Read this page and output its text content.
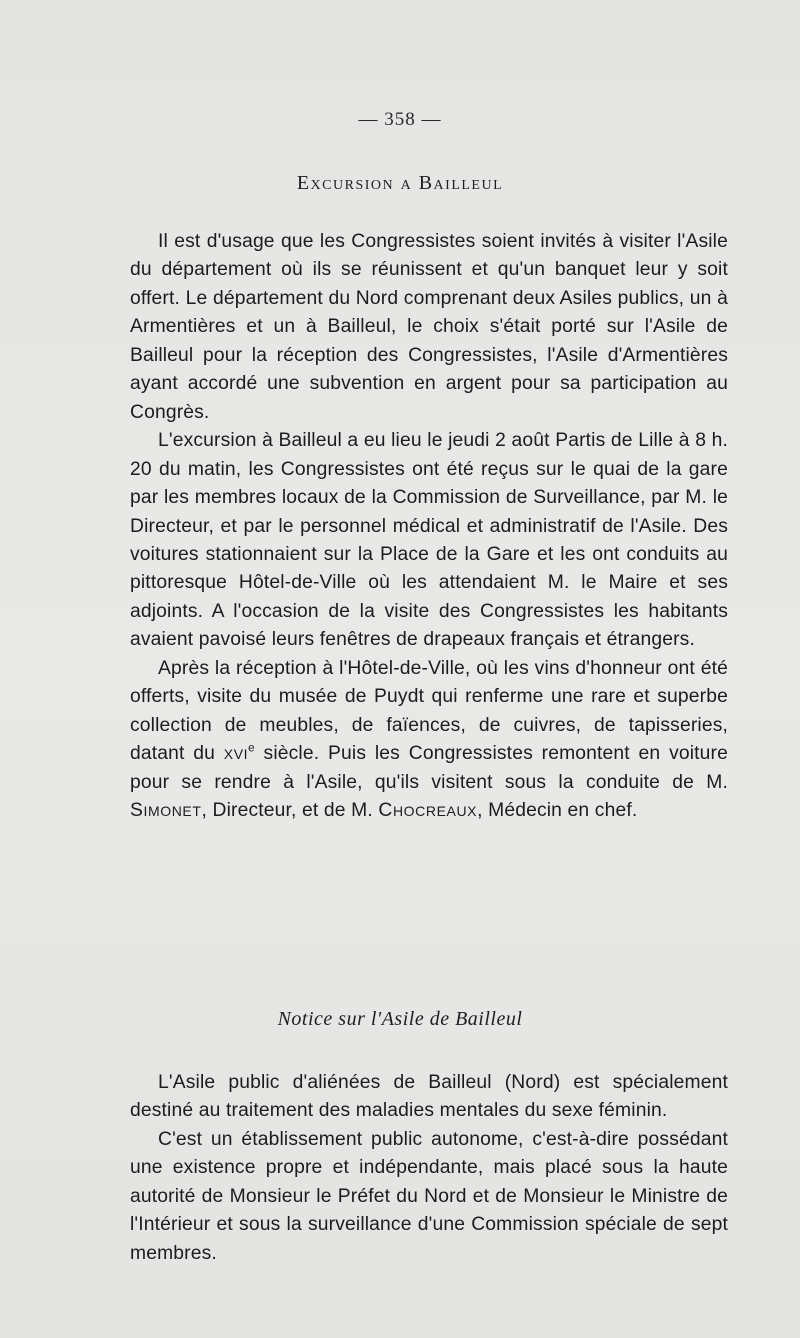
— 358 —
Excursion a Bailleul

Il est d'usage que les Congressistes soient invités à visiter l'Asile du département où ils se réunissent et qu'un banquet leur y soit offert. Le département du Nord comprenant deux Asiles publics, un à Armentières et un à Bailleul, le choix s'était porté sur l'Asile de Bailleul pour la réception des Congressistes, l'Asile d'Armentières ayant accordé une subvention en argent pour sa participation au Congrès.

L'excursion à Bailleul a eu lieu le jeudi 2 août Partis de Lille à 8 h. 20 du matin, les Congressistes ont été reçus sur le quai de la gare par les membres locaux de la Commission de Surveillance, par M. le Directeur, et par le personnel médical et administratif de l'Asile. Des voitures stationnaient sur la Place de la Gare et les ont conduits au pittoresque Hôtel-de-Ville où les attendaient M. le Maire et ses adjoints. A l'occasion de la visite des Congressistes les habitants avaient pavoisé leurs fenêtres de drapeaux français et étrangers.

Après la réception à l'Hôtel-de-Ville, où les vins d'honneur ont été offerts, visite du musée de Puydt qui renferme une rare et superbe collection de meubles, de faïences, de cuivres, de tapisseries, datant du xvi$^e$ siècle. Puis les Congressistes remontent en voiture pour se rendre à l'Asile, qu'ils visitent sous la conduite de M. Simonet, Directeur, et de M. Chocreaux, Médecin en chef.

Notice sur l'Asile de Bailleul

L'Asile public d'aliénées de Bailleul (Nord) est spécialement destiné au traitement des maladies mentales du sexe féminin.

C'est un établissement public autonome, c'est-à-dire possédant une existence propre et indépendante, mais placé sous la haute autorité de Monsieur le Préfet du Nord et de Monsieur le Ministre de l'Intérieur et sous la surveillance d'une Commission spéciale de sept membres.
